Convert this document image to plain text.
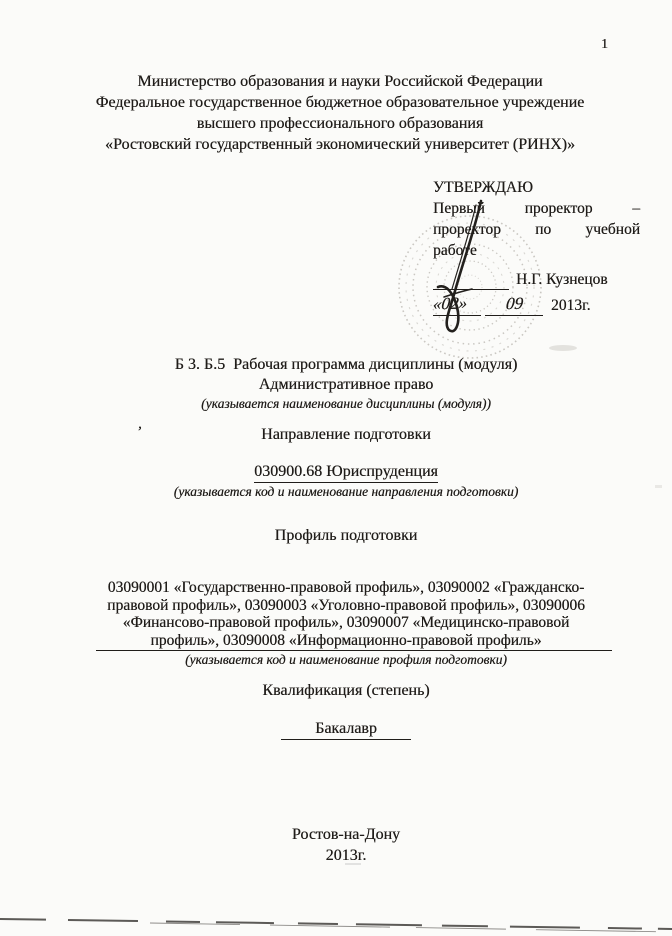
1
Министерство образования и науки Российской Федерации
Федеральное государственное бюджетное образовательное учреждение
высшего профессионального образования
«Ростовский государственный экономический университет (РИНХ)»
УТВЕРЖДАЮ
Первый	проректор	–
проректор по учебной
работе
Н.Г. Кузнецов
«02»	09	2013г.
,
Б 3. Б.5  Рабочая программа дисциплины (модуля)
Административное право
(указывается наименование дисциплины (модуля))
Направление подготовки
030900.68 Юриспруденция
(указывается код и наименование направления подготовки)
Профиль подготовки
03090001 «Государственно-правовой профиль», 03090002 «Гражданско-
правовой профиль», 03090003 «Уголовно-правовой профиль», 03090006
«Финансово-правовой профиль», 03090007 «Медицинско-правовой
профиль», 03090008 «Информационно-правовой профиль»
(указывается код и наименование профиля подготовки)
Квалификация (степень)
Бакалавр
Ростов-на-Дону
2013г.
